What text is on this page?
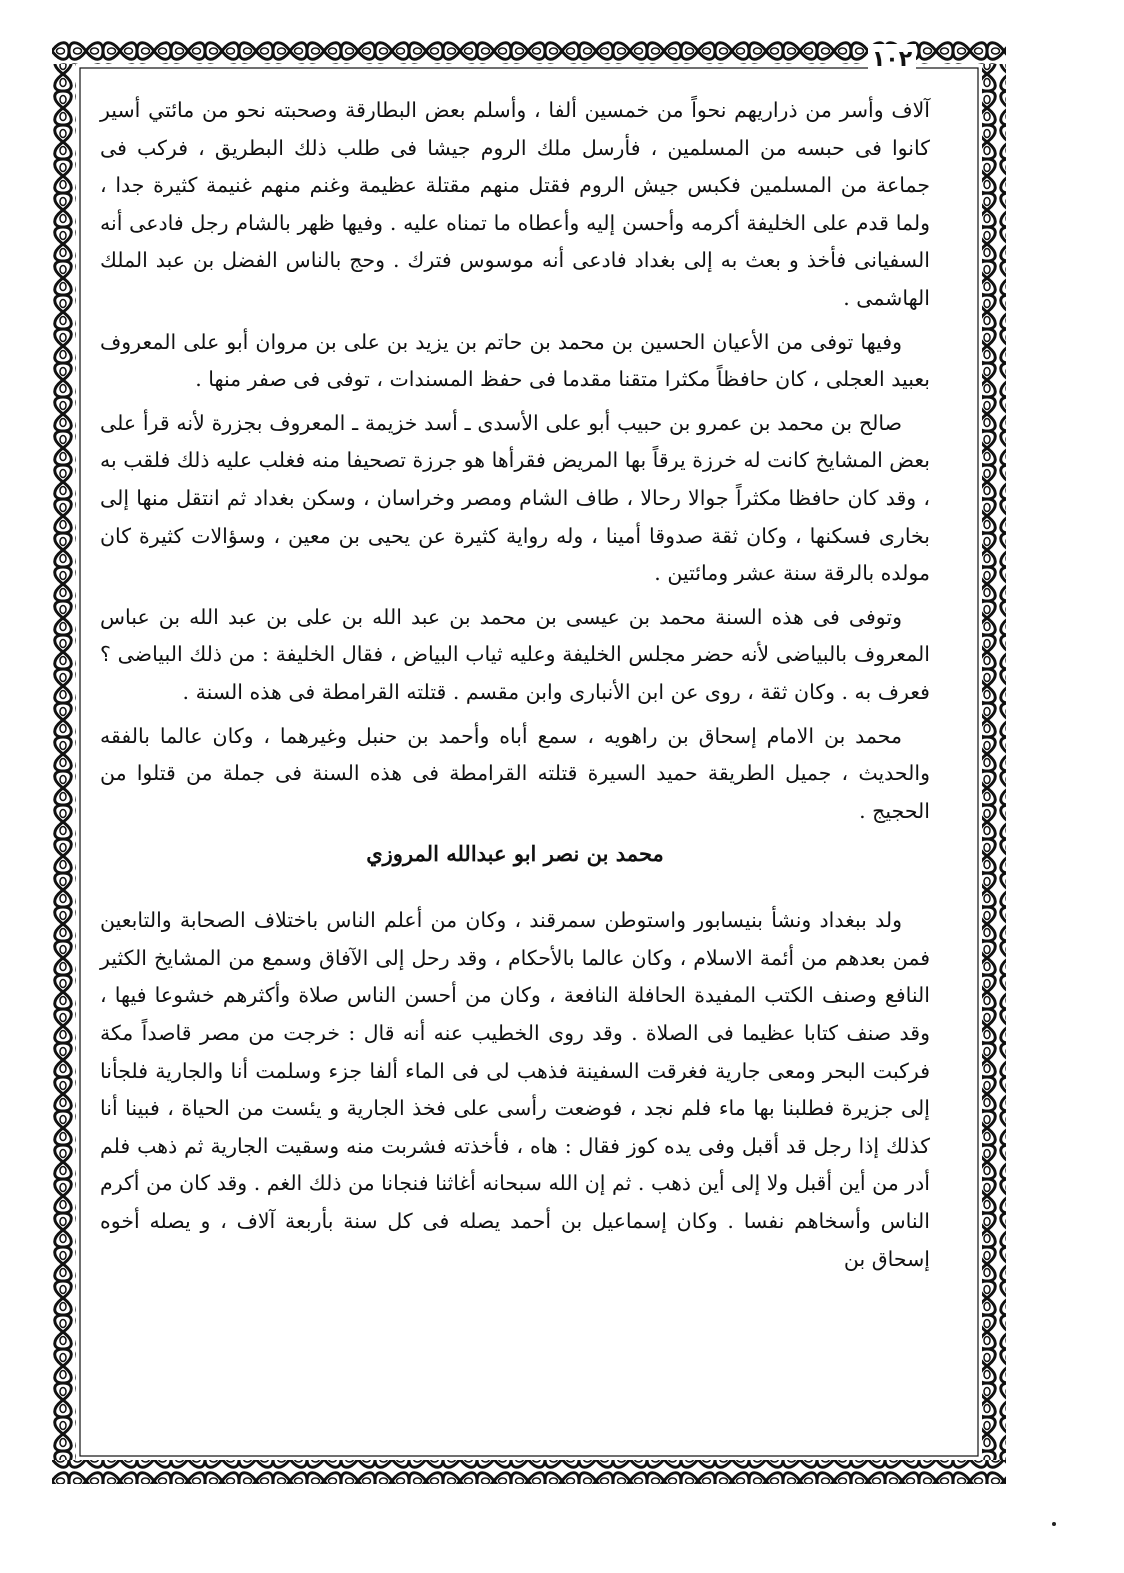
١٠٢

آلاف وأسر من ذراريهم نحواً من خمسين ألفا ، وأسلم بعض البطارقة وصحبته نحو من مائتي أسير كانوا فى حبسه من المسلمين ، فأرسل ملك الروم جيشا فى طلب ذلك البطريق ، فركب فى جماعة من المسلمين فكبس جيش الروم فقتل منهم مقتلة عظيمة وغنم منهم غنيمة كثيرة جدا ، ولما قدم على الخليفة أكرمه وأحسن إليه وأعطاه ما تمناه عليه . وفيها ظهر بالشام رجل فادعى أنه السفيانى فأخذ و بعث به إلى بغداد فادعى أنه موسوس فترك . وحج بالناس الفضل بن عبد الملك الهاشمى .

وفيها توفى من الأعيان الحسين بن محمد بن حاتم بن يزيد بن على بن مروان أبو على المعروف بعبيد العجلى ، كان حافظاً مكثرا متقنا مقدما فى حفظ المسندات ، توفى فى صفر منها .

صالح بن محمد بن عمرو بن حبيب أبو على الأسدى ـ أسد خزيمة ـ المعروف بجزرة لأنه قرأ على بعض المشايخ كانت له خرزة يرقاً بها المريض فقرأها هو جرزة تصحيفا منه فغلب عليه ذلك فلقب به ، وقد كان حافظا مكثراً جوالا رحالا ، طاف الشام ومصر وخراسان ، وسكن بغداد ثم انتقل منها إلى بخارى فسكنها ، وكان ثقة صدوقا أمينا ، وله رواية كثيرة عن يحيى بن معين ، وسؤالات كثيرة كان مولده بالرقة سنة عشر ومائتين .

وتوفى فى هذه السنة محمد بن عيسى بن محمد بن عبد الله بن على بن عبد الله بن عباس المعروف بالبياضى لأنه حضر مجلس الخليفة وعليه ثياب البياض ، فقال الخليفة : من ذلك البياضى ؟ فعرف به . وكان ثقة ، روى عن ابن الأنبارى وابن مقسم . قتلته القرامطة فى هذه السنة .

محمد بن الامام إسحاق بن راهويه ، سمع أباه وأحمد بن حنبل وغيرهما ، وكان عالما بالفقه والحديث ، جميل الطريقة حميد السيرة قتلته القرامطة فى هذه السنة فى جملة من قتلوا من الحجيج .

محمد بن نصر ابو عبدالله المروزي

ولد ببغداد ونشأ بنيسابور واستوطن سمرقند ، وكان من أعلم الناس باختلاف الصحابة والتابعين فمن بعدهم من أئمة الاسلام ، وكان عالما بالأحكام ، وقد رحل إلى الآفاق وسمع من المشايخ الكثير النافع وصنف الكتب المفيدة الحافلة النافعة ، وكان من أحسن الناس صلاة وأكثرهم خشوعا فيها ، وقد صنف كتابا عظيما فى الصلاة . وقد روى الخطيب عنه أنه قال : خرجت من مصر قاصداً مكة فركبت البحر ومعى جارية فغرقت السفينة فذهب لى فى الماء ألفا جزء وسلمت أنا والجارية فلجأنا إلى جزيرة فطلبنا بها ماء فلم نجد ، فوضعت رأسى على فخذ الجارية و يئست من الحياة ، فبينا أنا كذلك إذا رجل قد أقبل وفى يده كوز فقال : هاه ، فأخذته فشربت منه وسقيت الجارية ثم ذهب فلم أدر من أين أقبل ولا إلى أين ذهب . ثم إن الله سبحانه أغاثنا فنجانا من ذلك الغم . وقد كان من أكرم الناس وأسخاهم نفسا . وكان إسماعيل بن أحمد يصله فى كل سنة بأربعة آلاف ، و يصله أخوه إسحاق بن
